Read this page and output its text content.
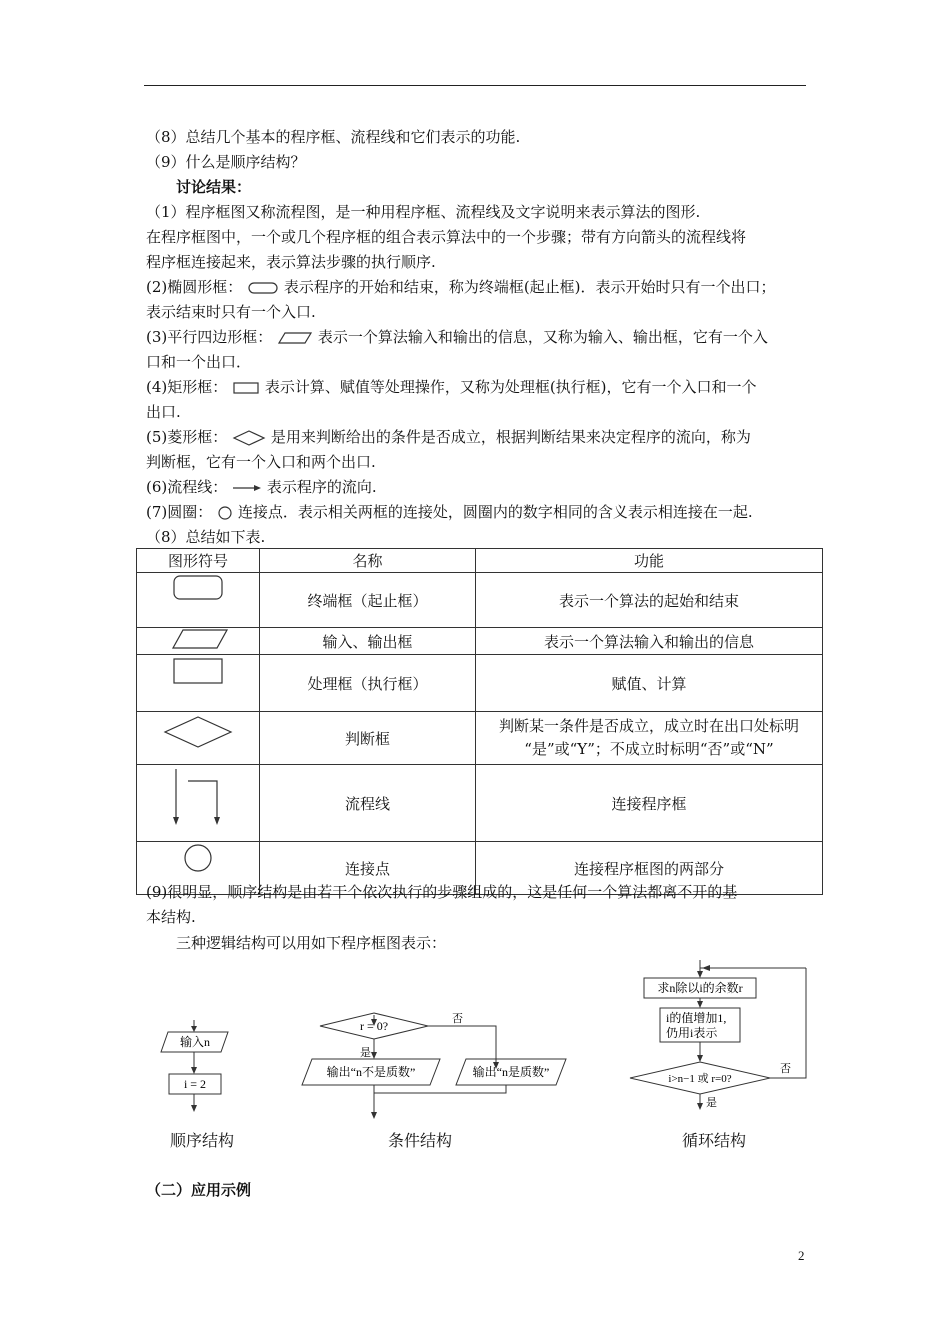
（8）总结几个基本的程序框、流程线和它们表示的功能.
（9）什么是顺序结构？
讨论结果：
（1）程序框图又称流程图，是一种用程序框、流程线及文字说明来表示算法的图形.
在程序框图中，一个或几个程序框的组合表示算法中的一个步骤；带有方向箭头的流程线将
程序框连接起来，表示算法步骤的执行顺序.
(2)椭圆形框：	表示程序的开始和结束，称为终端框(起止框)．表示开始时只有一个出口；
表示结束时只有一个入口.
(3)平行四边形框：	表示一个算法输入和输出的信息，又称为输入、输出框，它有一个入
口和一个出口．
(4)矩形框：	表示计算、赋值等处理操作，又称为处理框(执行框)，它有一个入口和一个
出口.
(5)菱形框：	是用来判断给出的条件是否成立，根据判断结果来决定程序的流向，称为
判断框，它有一个入口和两个出口.
(6)流程线：	表示程序的流向.
(7)圆圈： 连接点．表示相关两框的连接处，圆圈内的数字相同的含义表示相连接在一起.
（8）总结如下表.
图形符号	名称	功能
	终端框（起止框）	表示一个算法的起始和结束
	输入、输出框	表示一个算法输入和输出的信息
	处理框（执行框）	赋值、计算
	判断框	判断某一条件是否成立，成立时在出口处标明
“是”或“Y”；不成立时标明“否”或“N”

	流程线	连接程序框
	连接点	连接程序框图的两部分
(9)很明显，顺序结构是由若干个依次执行的步骤组成的，这是任何一个算法都离不开的基
本结构.
三种逻辑结构可以用如下程序框图表示：
输入n
i = 2
顺序结构
r = 0?	否
是
输出“n不是质数”	输出“n是质数”
条件结构
求n除以i的余数r
i的值增加1,
仍用i表示
i>n−1 或 r=0?
否
是
循环结构
（二）应用示例
2
